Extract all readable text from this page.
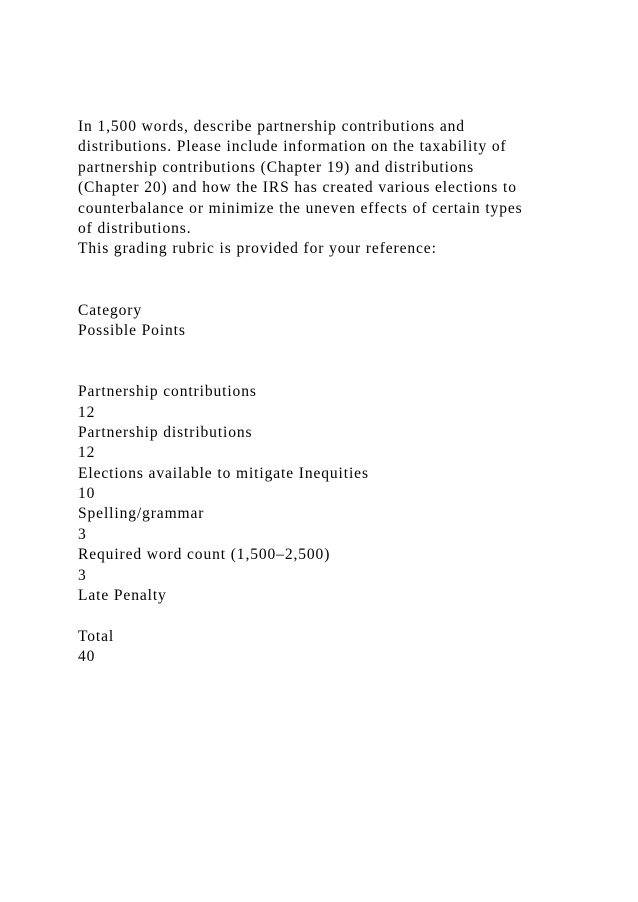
In 1,500 words, describe partnership contributions and
distributions. Please include information on the taxability of
partnership contributions (Chapter 19) and distributions
(Chapter 20) and how the IRS has created various elections to
counterbalance or minimize the uneven effects of certain types
of distributions.
This grading rubric is provided for your reference:
Category
Possible Points
Partnership contributions
12
Partnership distributions
12
Elections available to mitigate Inequities
10
Spelling/grammar
3
Required word count (1,500–2,500)
3
Late Penalty
Total
40
